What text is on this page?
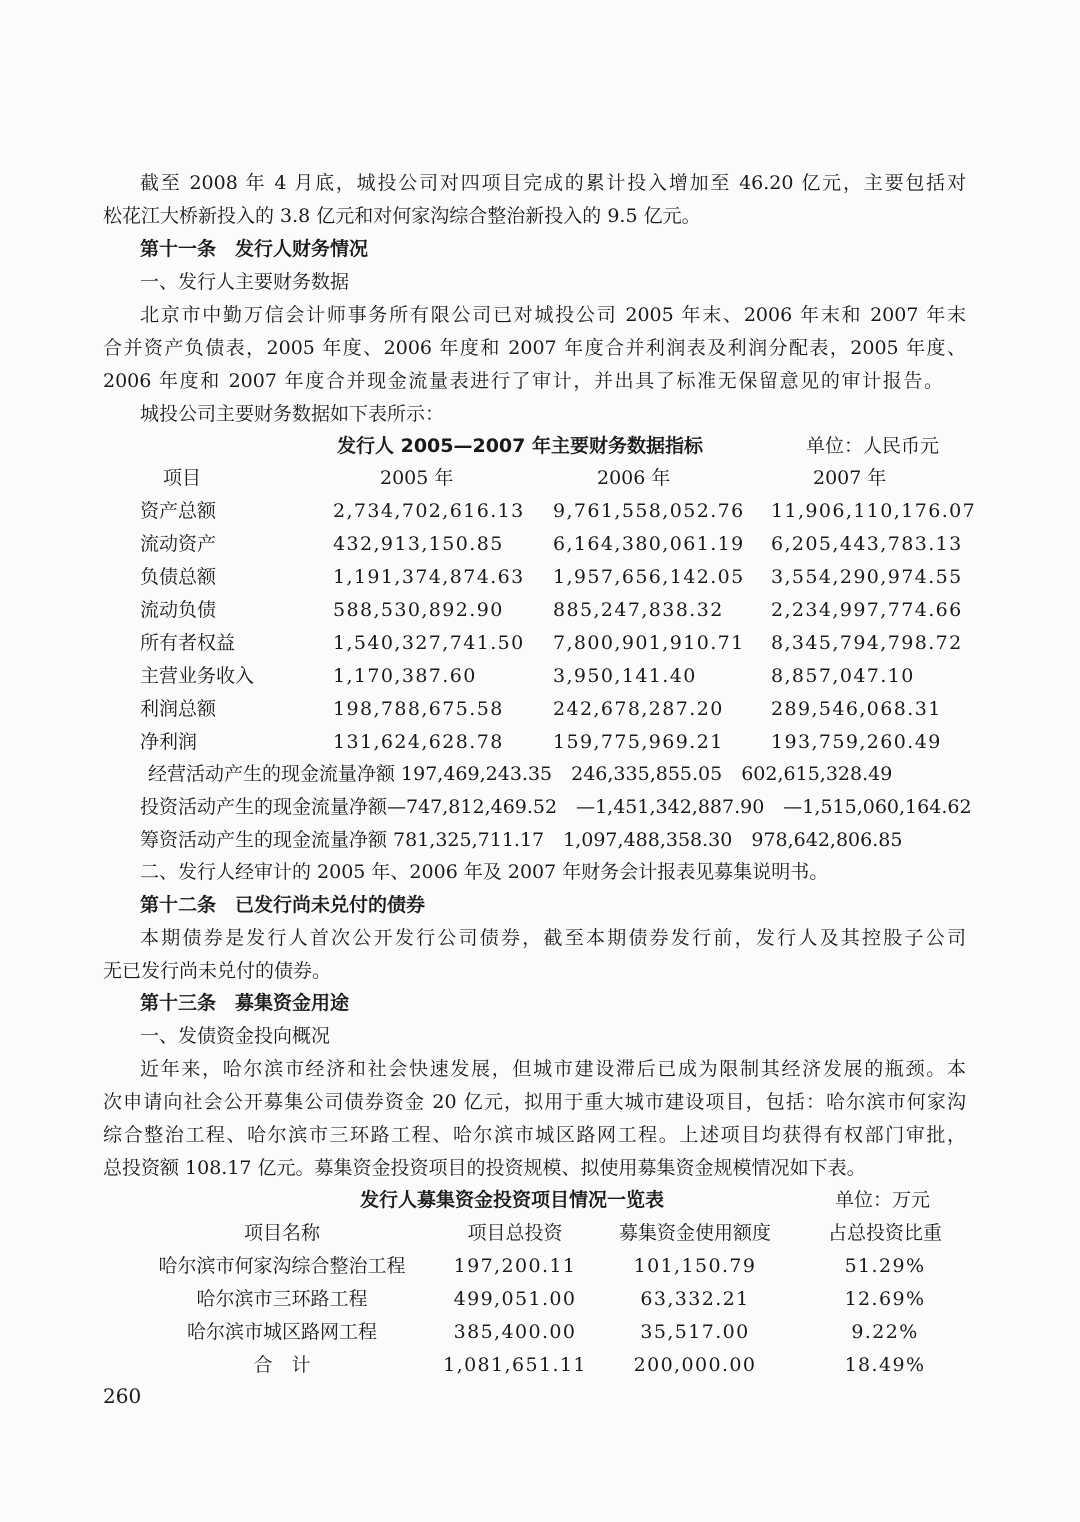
截至 2008 年 4 月底，城投公司对四项目完成的累计投入增加至 46.20 亿元，主要包括对
松花江大桥新投入的 3.8 亿元和对何家沟综合整治新投入的 9.5 亿元。
第十一条　发行人财务情况
一、发行人主要财务数据
北京市中勤万信会计师事务所有限公司已对城投公司 2005 年末、2006 年末和 2007 年末
合并资产负债表，2005 年度、2006 年度和 2007 年度合并利润表及利润分配表，2005 年度、
2006 年度和 2007 年度合并现金流量表进行了审计，并出具了标准无保留意见的审计报告。
城投公司主要财务数据如下表所示：
发行人 2005—2007 年主要财务数据指标	单位：人民币元
项目	2005 年	2006 年	2007 年
资产总额	2,734,702,616.13 9,761,558,052.76 11,906,110,176.07
流动资产	432,913,150.85	6,164,380,061.19 6,205,443,783.13
负债总额	1,191,374,874.63 1,957,656,142.05 3,554,290,974.55
流动负债	588,530,892.90	885,247,838.32 2,234,997,774.66
所有者权益	1,540,327,741.50 7,800,901,910.71 8,345,794,798.72
主营业务收入	1,170,387.60	3,950,141.40	8,857,047.10
利润总额	198,788,675.58	242,678,287.20 289,546,068.31
净利润	131,624,628.78	159,775,969.21 193,759,260.49
经营活动产生的现金流量净额 197,469,243.35　246,335,855.05　602,615,328.49
投资活动产生的现金流量净额—747,812,469.52　—1,451,342,887.90　—1,515,060,164.62
筹资活动产生的现金流量净额 781,325,711.17　1,097,488,358.30　978,642,806.85
二、发行人经审计的 2005 年、2006 年及 2007 年财务会计报表见募集说明书。
第十二条　已发行尚未兑付的债券
本期债券是发行人首次公开发行公司债券，截至本期债券发行前，发行人及其控股子公司
无已发行尚未兑付的债券。
第十三条　募集资金用途
一、发债资金投向概况
近年来，哈尔滨市经济和社会快速发展，但城市建设滞后已成为限制其经济发展的瓶颈。本
次申请向社会公开募集公司债券资金 20 亿元，拟用于重大城市建设项目，包括：哈尔滨市何家沟
综合整治工程、哈尔滨市三环路工程、哈尔滨市城区路网工程。上述项目均获得有权部门审批，
总投资额 108.17 亿元。募集资金投资项目的投资规模、拟使用募集资金规模情况如下表。
发行人募集资金投资项目情况一览表	单位：万元
项目名称	项目总投资	募集资金使用额度	占总投资比重
哈尔滨市何家沟综合整治工程	197,200.11	101,150.79	51.29%
哈尔滨市三环路工程	499,051.00	63,332.21	12.69%
哈尔滨市城区路网工程	385,400.00	35,517.00	9.22%
合　计	1,081,651.11	200,000.00	18.49%
260
